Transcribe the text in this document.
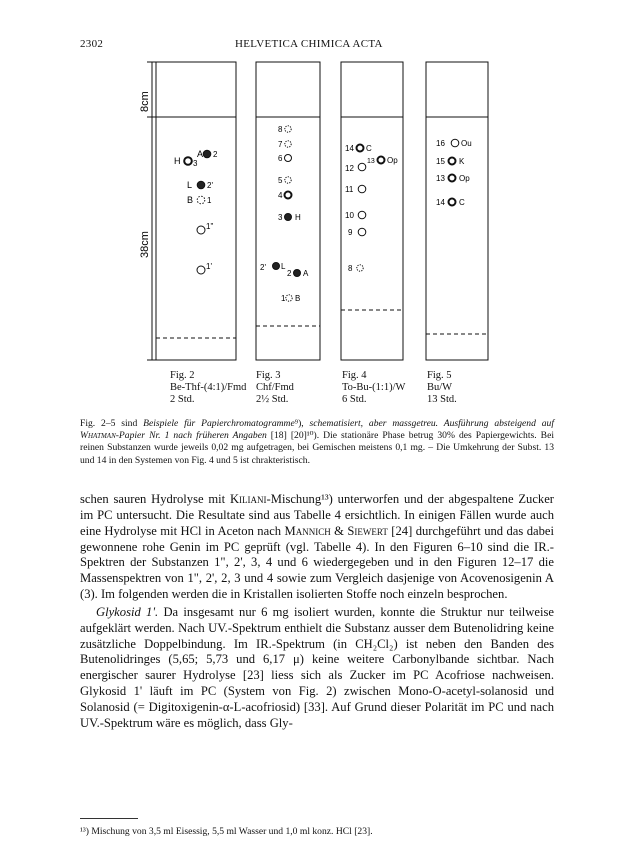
2302	HELVETICA CHIMICA ACTA
8cm
38cm
H 3
A 2
L 2'
B 1
1"
1'
8
7
6
5
4
3 H
2' L
2 A
1 B
14 C
13 Op
12
11
10
9
8
16 Ou
15 K
13 Op
14 C
Fig. 2
Be-Thf-(4:1)/Fmd
2 Std.
Fig. 3
Chf/Fmd
2½ Std.
Fig. 4
To-Bu-(1:1)/W
6 Std.
Fig. 5
Bu/W
13 Std.
Fig. 2–5 sind Beispiele für Papierchromatogramme⁹), schematisiert, aber massgetreu. Ausführung absteigend auf Whatman-Papier Nr. 1 nach früheren Angaben [18] [20]¹⁰). Die stationäre Phase betrug 30% des Papiergewichts. Bei reinen Substanzen wurde jeweils 0,02 mg aufgetragen, bei Gemischen meistens 0,1 mg. – Die Umkehrung der Subst. 13 und 14 in den Systemen von Fig. 4 und 5 ist chrakteristisch.

schen sauren Hydrolyse mit Kiliani-Mischung¹³) unterworfen und der abgespaltene Zucker im PC untersucht. Die Resultate sind aus Tabelle 4 ersichtlich. In einigen Fällen wurde auch eine Hydrolyse mit HCl in Aceton nach Mannich & Siewert [24] durchgeführt und das dabei gewonnene rohe Genin im PC geprüft (vgl. Tabelle 4). In den Figuren 6–10 sind die IR.-Spektren der Substanzen 1", 2', 3, 4 und 6 wiedergegeben und in den Figuren 12–17 die Massenspektren von 1", 2', 2, 3 und 4 sowie zum Vergleich dasjenige von Acovenosigenin A (3). Im folgenden werden die in Kristallen isolierten Stoffe noch einzeln besprochen.

Glykosid 1'. Da insgesamt nur 6 mg isoliert wurden, konnte die Struktur nur teilweise aufgeklärt werden. Nach UV.-Spektrum enthielt die Substanz ausser dem Butenolidring keine zusätzliche Doppelbindung. Im IR.-Spektrum (in CH₂Cl₂) ist neben den Banden des Butenolidringes (5,65; 5,73 und 6,17 μ) keine weitere Carbonylbande sichtbar. Nach energischer saurer Hydrolyse [23] liess sich als Zucker im PC Acofriose nachweisen. Glykosid 1' läuft im PC (System von Fig. 2) zwischen Mono-O-acetyl-solanosid und Solanosid (= Digitoxigenin-α-L-acofriosid) [33]. Auf Grund dieser Polarität im PC und nach UV.-Spektrum wäre es möglich, dass Gly-

¹³) Mischung von 3,5 ml Eisessig, 5,5 ml Wasser und 1,0 ml konz. HCl [23].
